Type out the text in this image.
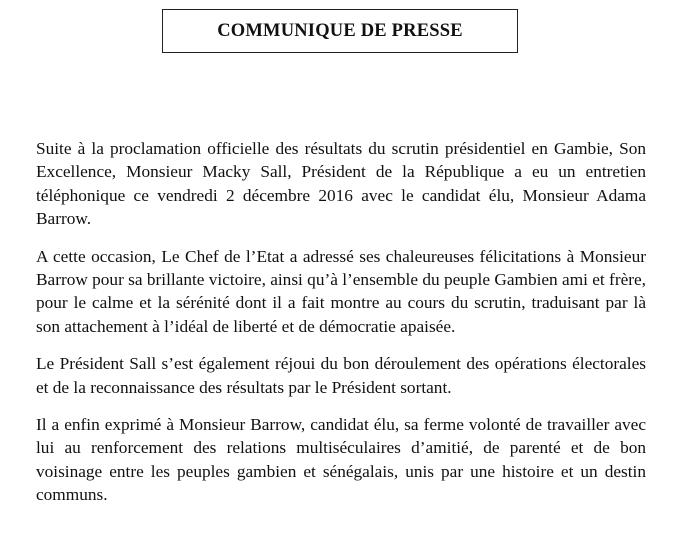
COMMUNIQUE DE PRESSE

Suite à la proclamation officielle des résultats du scrutin présidentiel en Gambie, Son Excellence, Monsieur Macky Sall, Président de la République a eu un entretien téléphonique ce vendredi 2 décembre 2016 avec le candidat élu, Monsieur Adama Barrow.

A cette occasion, Le Chef de l’Etat a adressé ses chaleureuses félicitations à Monsieur Barrow pour sa brillante victoire, ainsi qu’à l’ensemble du peuple Gambien ami et frère, pour le calme et la sérénité dont il a fait montre au cours du scrutin, traduisant par là son attachement à l’idéal de liberté et de démocratie apaisée.

Le Président Sall s’est également réjoui du bon déroulement des opérations électorales et de la reconnaissance des résultats par le Président sortant.

Il a enfin exprimé à Monsieur Barrow, candidat élu, sa ferme volonté de travailler avec lui au renforcement des relations multiséculaires d’amitié, de parenté et de bon voisinage entre les peuples gambien et sénégalais, unis par une histoire et un destin communs.
